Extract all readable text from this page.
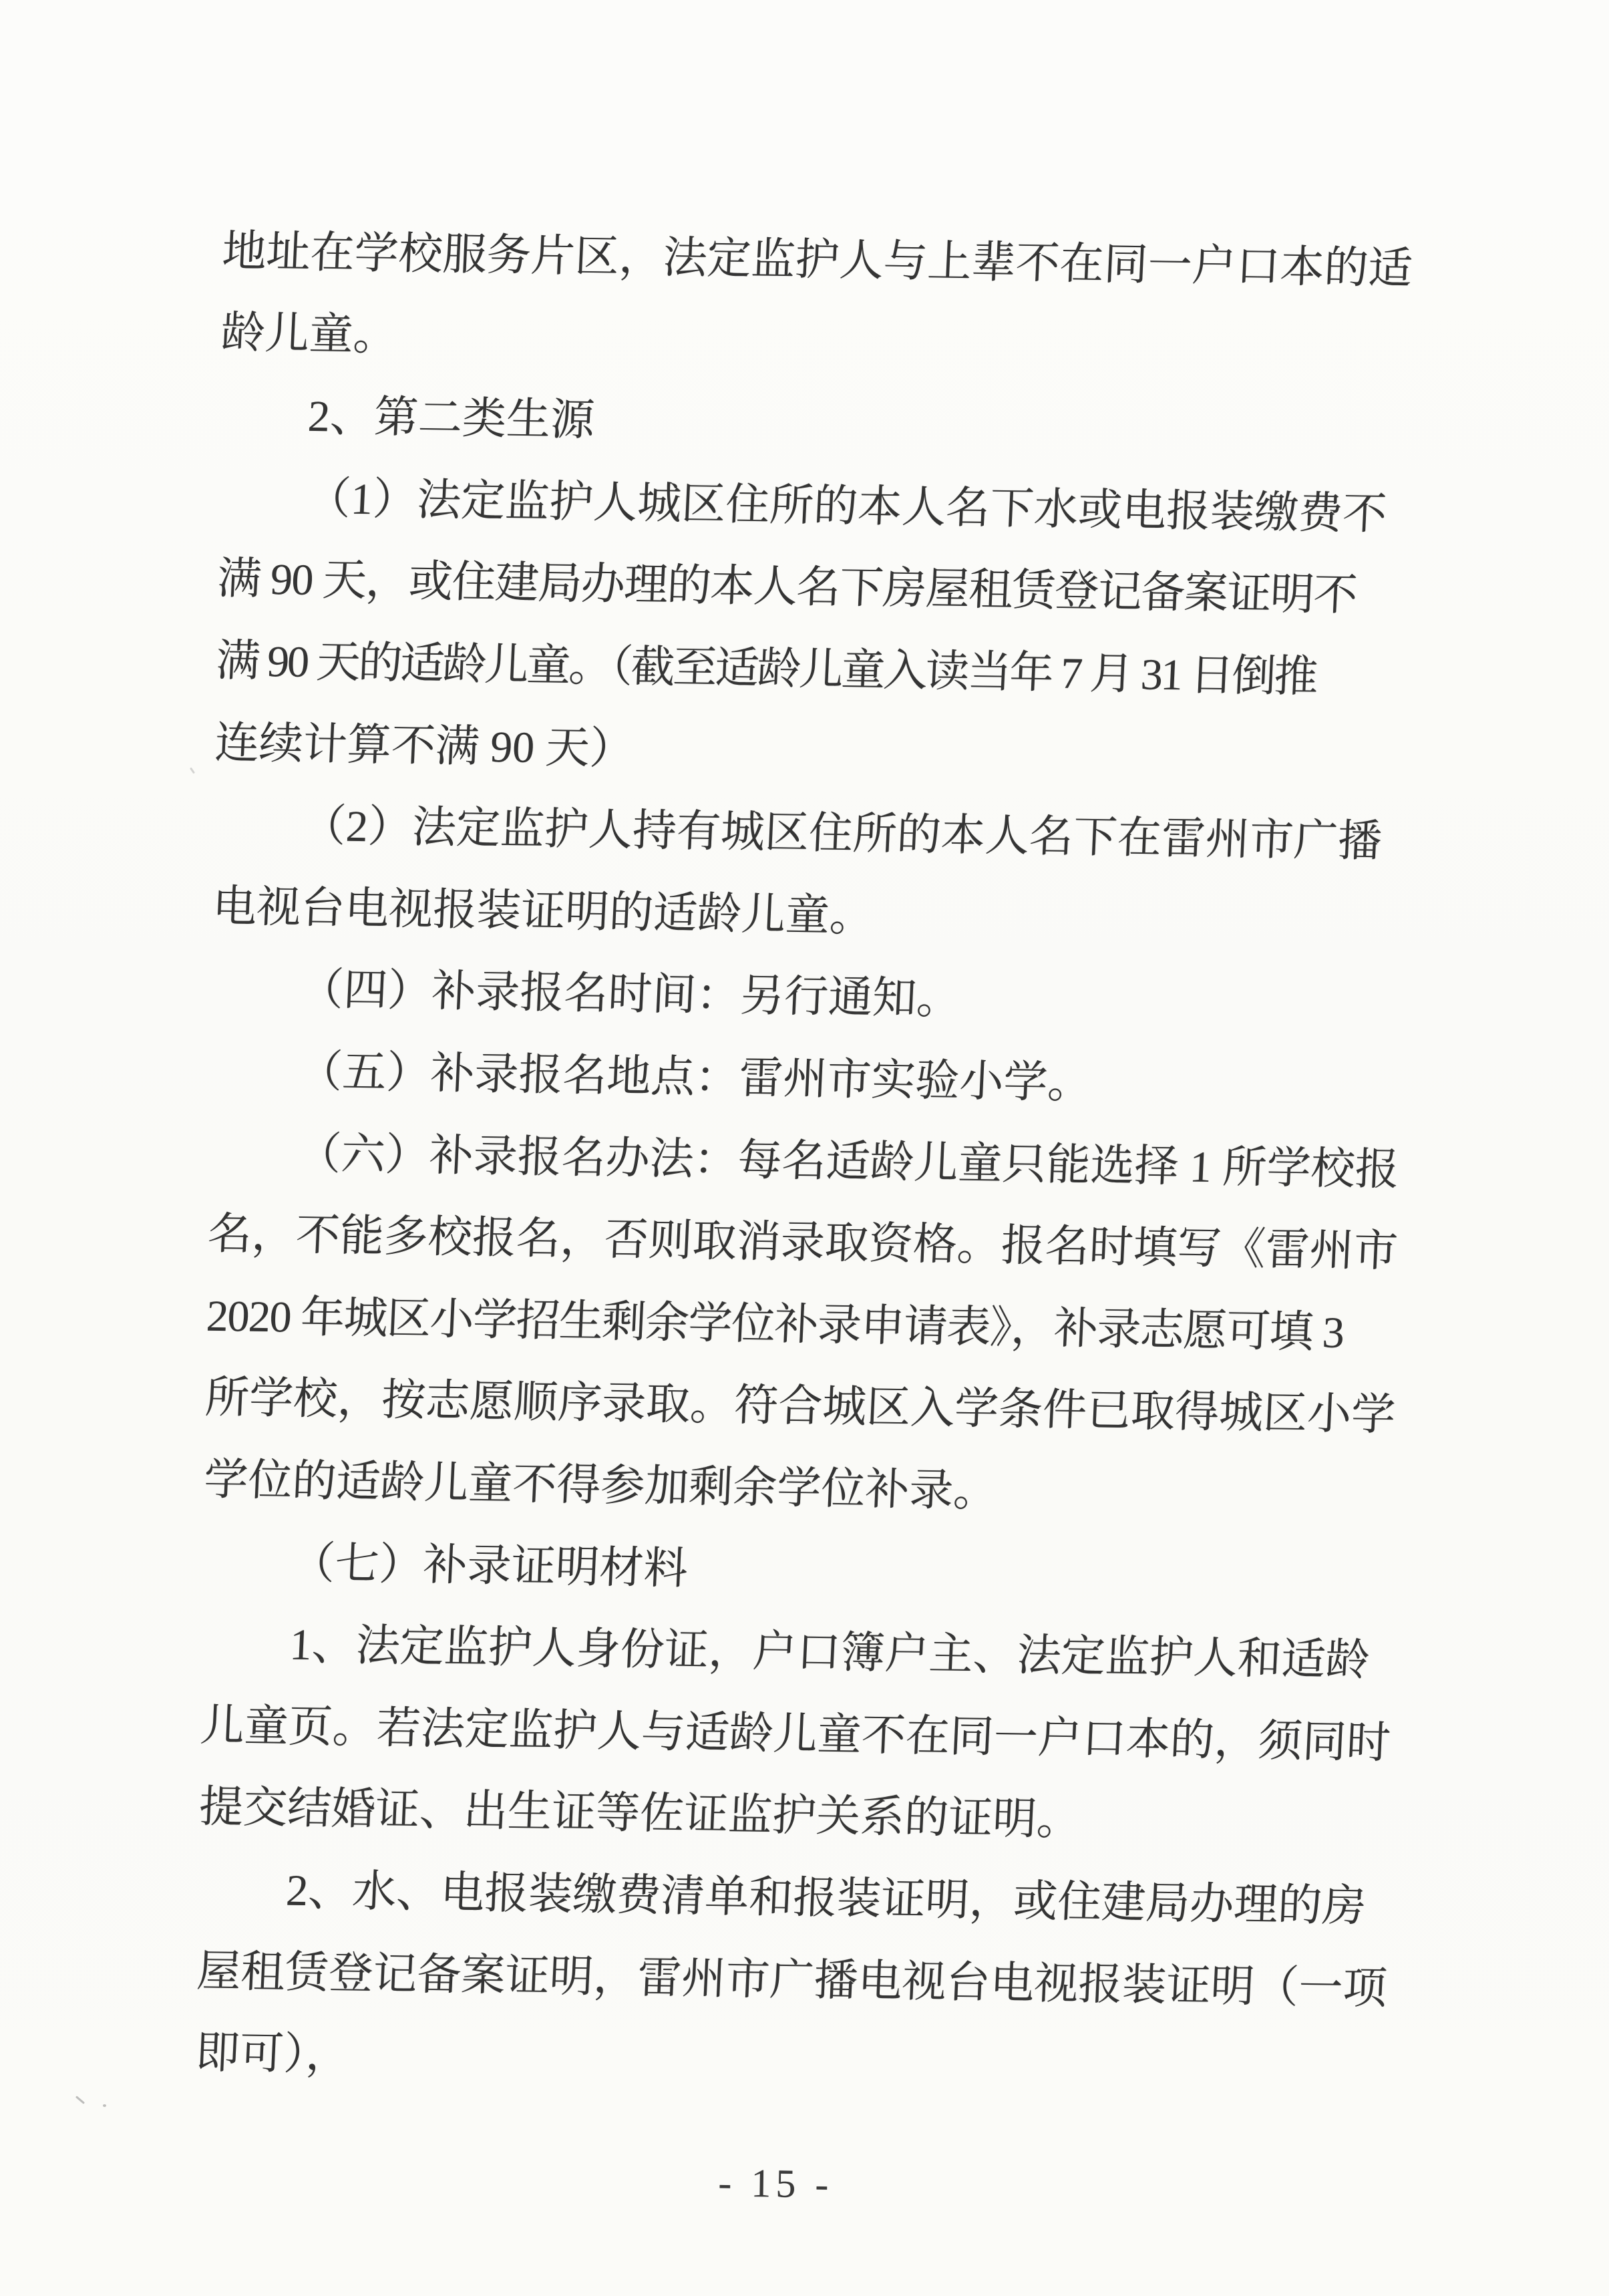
地址在学校服务片区，法定监护人与上辈不在同一户口本的适
龄儿童。
2、第二类生源
（1）法定监护人城区住所的本人名下水或电报装缴费不
满 90 天，或住建局办理的本人名下房屋租赁登记备案证明不
满 90 天的适龄儿童。（截至适龄儿童入读当年 7 月 31 日倒推
连续计算不满 90 天）
（2）法定监护人持有城区住所的本人名下在雷州市广播
电视台电视报装证明的适龄儿童。
（四）补录报名时间：另行通知。
（五）补录报名地点：雷州市实验小学。
（六）补录报名办法：每名适龄儿童只能选择 1 所学校报
名，不能多校报名，否则取消录取资格。报名时填写《雷州市
2020 年城区小学招生剩余学位补录申请表》，补录志愿可填 3
所学校，按志愿顺序录取。符合城区入学条件已取得城区小学
学位的适龄儿童不得参加剩余学位补录。
（七）补录证明材料
1、法定监护人身份证，户口簿户主、法定监护人和适龄
儿童页。若法定监护人与适龄儿童不在同一户口本的，须同时
提交结婚证、出生证等佐证监护关系的证明。
2、水、电报装缴费清单和报装证明，或住建局办理的房
屋租赁登记备案证明，雷州市广播电视台电视报装证明（一项
即可），
- 15 -
